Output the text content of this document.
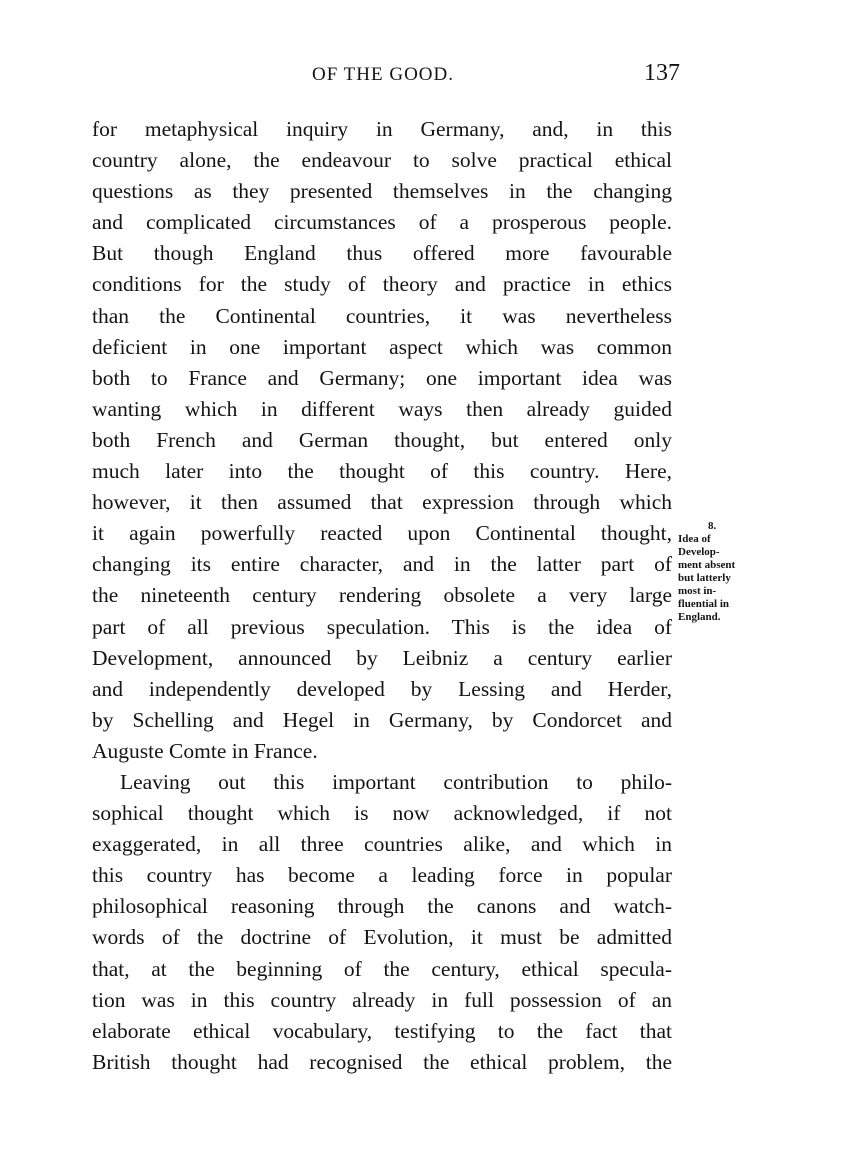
OF THE GOOD.	137
for metaphysical inquiry in Germany, and, in this
country alone, the endeavour to solve practical ethical
questions as they presented themselves in the changing
and complicated circumstances of a prosperous people.
But though England thus offered more favourable
conditions for the study of theory and practice in ethics
than the Continental countries, it was nevertheless
deficient in one important aspect which was common
both to France and Germany; one important idea was
wanting which in different ways then already guided
both French and German thought, but entered only
much later into the thought of this country. Here,
however, it then assumed that expression through which
it again powerfully reacted upon Continental thought,
changing its entire character, and in the latter part of
the nineteenth century rendering obsolete a very large
part of all previous speculation. This is the idea of
Development, announced by Leibniz a century earlier
and independently developed by Lessing and Herder,
by Schelling and Hegel in Germany, by Condorcet and
Auguste Comte in France.
Leaving out this important contribution to philo-
sophical thought which is now acknowledged, if not
exaggerated, in all three countries alike, and which in
this country has become a leading force in popular
philosophical reasoning through the canons and watch-
words of the doctrine of Evolution, it must be admitted
that, at the beginning of the century, ethical specula-
tion was in this country already in full possession of an
elaborate ethical vocabulary, testifying to the fact that
British thought had recognised the ethical problem, the
8.
Idea of
Develop-
ment absent
but latterly
most in-
fluential in
England.
